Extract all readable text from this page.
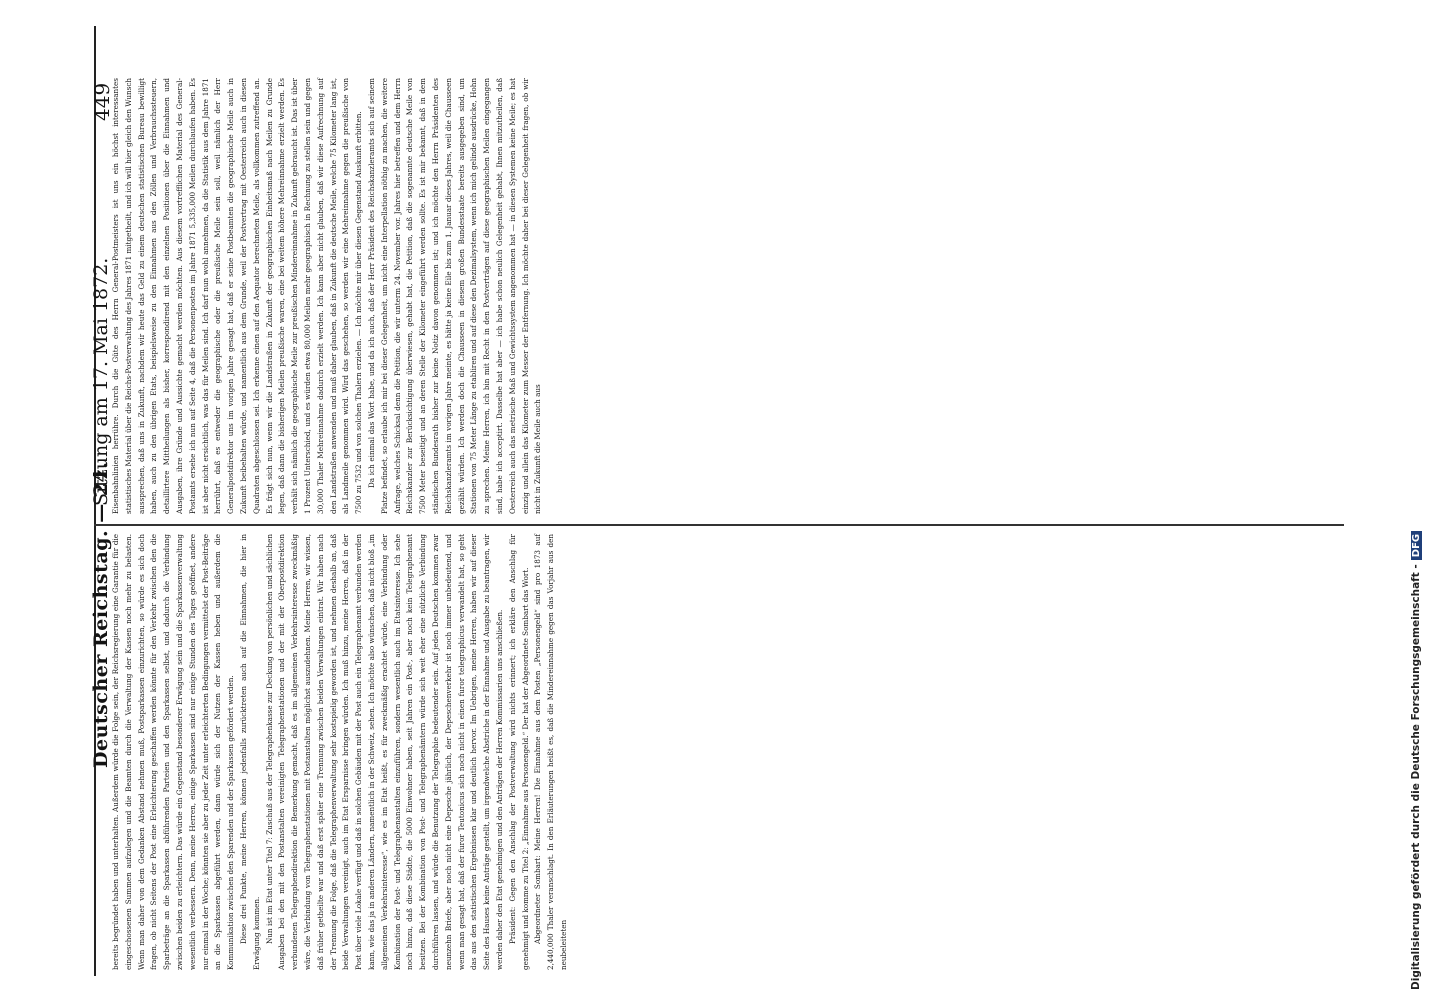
Deutscher Reichstag. — 24.
Sitzung am 17. Mai 1872.
449

bereits begründet haben und unterhalten. Außerdem würde die Folge sein, der Reichsregierung eine Garantie für die eingeschossenen Summen aufzulegen und die Beamten durch die Verwaltung der Kassen noch mehr zu belasten. Wenn man daher von dem Gedanken Abstand nehmen muß, Postsparkassen einzurichten, so würde es sich doch fragen, ob nicht Seitens der Post eine Erleichterung geschaffen werden könnte für den Verkehr zwischen den die Sparbeträge an die Sparkassen abführenden Parteien und den Sparkassen selbst, und dadurch die Verbindung zwischen beiden zu erleichtern. Das würde ein Gegenstand besonderer Erwägung sein und die Sparkassenverwaltung wesentlich verbessern. Denn, meine Herren, einige Sparkassen sind nur einige Stunden des Tages geöffnet, andere nur einmal in der Woche; könnten sie aber zu jeder Zeit unter erleichterten Bedingungen vermittelst der Post-Beiträge an die Sparkassen abgeführt werden, dann würde sich der Nutzen der Kassen heben und außerdem die Kommunikation zwischen den Sparenden und der Sparkassen gefördert werden. Diese drei Punkte, meine Herren, können jedenfalls zurücktreten auch auf die Einnahmen, die hier in Erwägung kommen. Nun ist im Etat unter Titel 7: Zuschuß aus der Telegraphenkasse zur Deckung von persönlichen und sächlichen Ausgaben bei den mit den Postanstalten vereinigten Telegraphenstationen und der mit der Oberpostdirektion verbundenen Telegraphendirektion die Bemerkung gemacht, daß es im allgemeinen Verkehrsinteresse zweckmäßig wäre, die Verbindung von Telegraphenstationen mit Postanstalten möglichst auszudehnen. Meine Herren, wir wissen, daß früher getheilte war und daß erst später eine Trennung zwischen beiden Verwaltungen eintrat. Wir haben nach der Trennung die Folge, daß die Telegraphenverwaltung sehr kostspielig geworden ist, und nehmen deshalb an, daß beide Verwaltungen vereinigt, auch im Etat Ersparnisse bringen würden. Ich muß hinzu, meine Herren, daß in der Post über viele Lokale verfügt und daß in solchen Gebäuden mit der Post auch ein Telegraphenamt verbunden werden kann, wie das ja in anderen Ländern, namentlich in der Schweiz, sehen. Ich möchte also wünschen, daß nicht bloß „im allgemeinen Verkehrsinteresse“, wie es im Etat heißt, es für zweckmäßig erachtet würde, eine Verbindung oder Kombination der Post- und Telegraphenanstalten einzuführen, sondern wesentlich auch im Etatsinteresse. Ich sehe noch hinzu, daß diese Städte, die 5000 Einwohner haben, seit Jahren ein Post-, aber noch kein Telegraphenamt besitzen. Bei der Kombination von Post- und Telegraphenämtern würde sich weit eher eine nützliche Verbindung durchführen lassen, und würde die Benutzung der Telegraphie bedeutender sein. Auf jeden Deutschen kommen zwar neunzehn Briefe, aber noch nicht eine Depesche jährlich, der Depeschenverkehr ist noch immer unbedeutend, und wenn man gesagt hat, daß der furor Teutonicus sich noch nicht in einen furor telegraphicus verwandelt hat, so geht das aus den statistischen Ergebnissen klar und deutlich hervor. Im Uebrigen, meine Herren, haben wir auf dieser Seite des Hauses keine Anträge gestellt, um irgendwelche Abstriche in der Einnahme und Ausgabe zu beantragen, wir werden daher den Etat genehmigen und den Anträgen der Herren Kommissarien uns anschließen. Präsident: Gegen den Anschlag der Postverwaltung wird nichts erinnert; ich erkläre den Anschlag für genehmigt und komme zu Titel 2: „Einnahme aus Personengeld.“ Der hat der Abgeordnete Sombart das Wort. Abgeordneter Sombart: Meine Herren! Die Einnahme aus dem Posten „Personengeld“ sind pro 1873 auf 2,440,000 Thaler veranschlagt. In den Erläuterungen heißt es, daß die Mindereinnahme gegen das Vorjahr aus den neubeleiteten

Eisenbahnlinien herrühre. Durch die Güte des Herrn General-Postmeisters ist uns ein höchst interessantes statistisches Material über die Reichs-Postverwaltung des Jahres 1871 mitgetheilt, und ich will hier gleich den Wunsch aussprechen, daß uns in Zukunft, nachdem wir heute das Geld zu einem deutschen statistischen Bureau bewilligt haben, auch zu den übrigen Etats, beispielsweise zu den Einnahmen aus den Zöllen und Verbrauchssteuern, detaillirtere Mittheilungen als bisher, korrespondirend mit den einzelnen Positionen über die Einnahmen und Ausgaben, ihre Gründe und Aussichte gemacht werden möchten. Aus diesem vortrefflichen Material des General-Postamts ersehe ich nun auf Seite 4, daß die Personenposten im Jahre 1871 5,335,000 Meilen durchlaufen haben. Es ist aber nicht ersichtlich, was das für Meilen sind. Ich darf nun wohl annehmen, da die Statistik aus dem Jahre 1871 herrührt, daß es entweder die geographische oder die preußische Meile sein soll, weil nämlich der Herr Generalpostdirektor uns im vorigen Jahre gesagt hat, daß er seine Postbeamten die geographische Meile auch in Zukunft beibehalten würde, und namentlich aus dem Grunde, weil der Postvertrag mit Oesterreich auch in diesen Quadraten abgeschlossen sei. Ich erkenne einen auf den Aequator berechneten Meile, als vollkommen zutreffend an. Es frägt sich nun, wenn wir die Landstraßen in Zukunft der geographischen Einheitsmaß nach Meilen zu Grunde legen, daß dann die bisherigen Meilen preußische waren, eine bei weitem höhere Mehreinnahme erzielt werden. Es verhält sich nämlich die geographische Meile zur preußischen Mindereinnahme in Zukunft gebraucht ist. Das ist über 1 Prozent Unterschied, und es würden etwa 80,000 Meilen mehr geographisch in Rechnung zu stellen sein und gegen 30,000 Thaler Mehreinnahme dadurch erzielt werden. Ich kann aber nicht glauben, daß wir diese Aufrechnung auf den Landstraßen anwenden und muß daher glauben, daß in Zukunft die deutsche Meile, welche 75 Kilometer lang ist, als Landmeile genommen wird. Wird das geschehen, so werden wir eine Mehreinnahme gegen die preußische von 7500 zu 7532 und von solchen Thalern erzielen. — Ich möchte mir über diesen Gegenstand Auskunft erbitten. Da ich einmal das Wort habe, und da ich auch, daß der Herr Präsident des Reichskanzleramts sich auf seinem Platze befindet, so erlaube ich mir bei dieser Gelegenheit, um nicht eine Interpellation nöthig zu machen, die weitere Anfrage, welches Schicksal denn die Petition, die wir unterm 24. November vor. Jahres hier betreffen und dem Herrn Reichskanzler zur Berücksichtigung überwiesen, gehabt hat, die Petition, daß die sogenannte deutsche Meile von 7500 Meter beseitigt und an deren Stelle der Kilometer eingeführt werden sollte. Es ist mir bekannt, daß in dem ständischen Bundesrath bisher zur keine Notiz davon genommen ist; und ich möchte den Herrn Präsidenten des Reichskanzleramts im vorigen Jahre meinte, es hätte ja keine Eile bis zum 1. Januar dieses Jahres, weil die Chausseen gezählt würden. Ich werden doch die Chausseen in diesem großen Bundesstaate bereits ausgegeben sind, um Stationen von 75 Meter Länge zu etabliren und auf diese den Dezimalsystem, wenn ich mich gelinde ausdrücke, Hohn zu sprechen. Meine Herren, ich bin mit Recht in den Postverträgen auf diese geographischen Meilen eingegangen sind, habe ich acceptirt. Dasselbe hat aber — ich habe schon neulich Gelegenheit gehabt, Ihnen mitzutheilen, daß Oesterreich auch das metrische Maß und Gewichtssystem angenommen hat — in diesen Systemen keine Meile; es hat einzig und allein das Kilometer zum Messer der Entfernung. Ich möchte daher bei dieser Gelegenheit fragen, ob wir nicht in Zukunft die Meile auch aus

Digitalisierung gefördert durch die Deutsche Forschungsgemeinschaft -DFG
